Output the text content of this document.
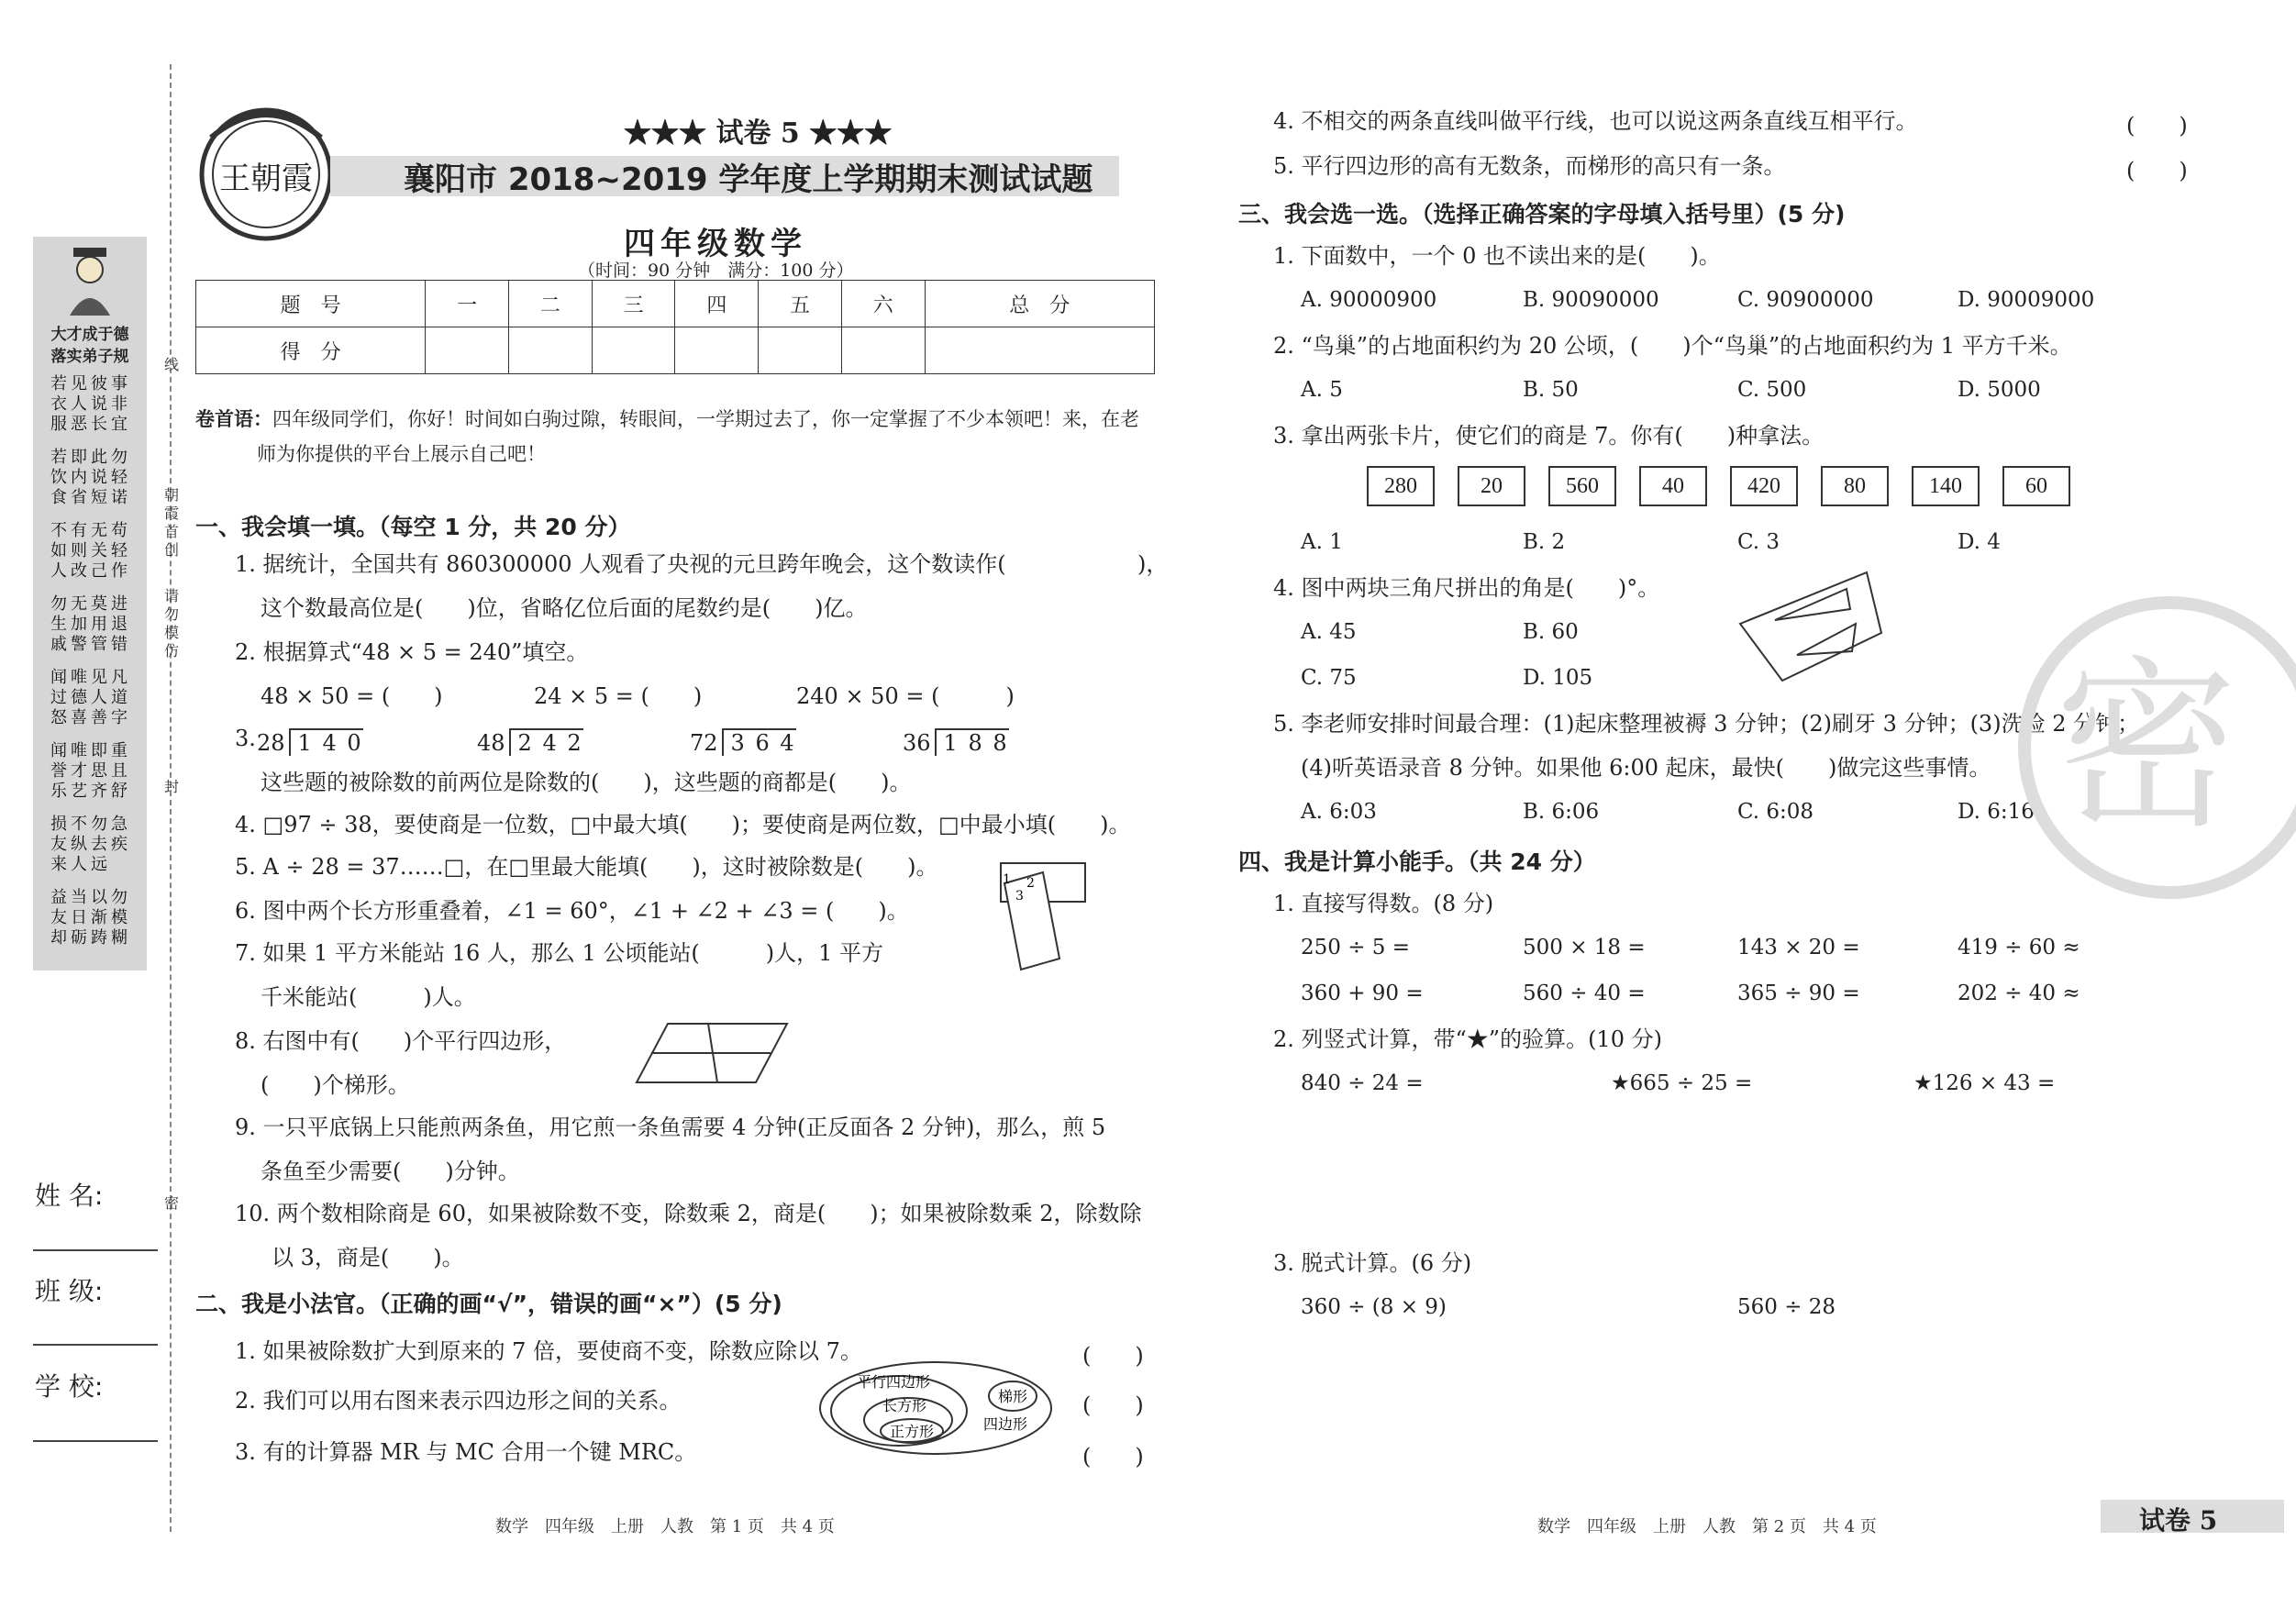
大才成于德
落实弟子规
若衣服
见人恶
彼说长
事非宜
若饮食
即内省
此说短
勿轻诺
不如人
有则改
无关己
苟轻作
勿生戚
无加警
莫用管
进退错
闻过怒
唯德喜
见人善
凡道字
闻誉乐
唯才艺
即思齐
重且舒
损友来
不纵人
勿去远
急疾
益友却
当日砺
以渐踌
勿模糊
线
封
密
朝霞首创
请勿模仿
姓 名:
班 级:
学 校:
王朝霞
★★★ 试卷 5 ★★★
襄阳市 2018~2019 学年度上学期期末测试试题
四年级数学
（时间：90 分钟　满分：100 分）
题　号	一	二	三	四	五	六	总　分
得　分							
卷首语：四年级同学们，你好！时间如白驹过隙，转眼间，一学期过去了，你一定掌握了不少本领吧！来，在老
师为你提供的平台上展示自己吧！
一、我会填一填。（每空 1 分，共 20 分）
1. 据统计，全国共有 860300000 人观看了央视的元旦跨年晚会，这个数读作(	)，
这个数最高位是(　　)位，省略亿位后面的尾数约是(　　)亿。
2. 根据算式“48 × 5 = 240”填空。
48 × 50 = (　　)	24 × 5 = (　　)	240 × 50 = (　　　)
3. 28 1 4 0	48 2 4 2	72 3 6 4	36 1 8 8
这些题的被除数的前两位是除数的(　　)，这些题的商都是(　　)。
4. □97 ÷ 38，要使商是一位数，□中最大填(　　)；要使商是两位数，□中最小填(　　)。
5. A ÷ 28 = 37……□，在□里最大能填(　　)，这时被除数是(　　)。
6. 图中两个长方形重叠着，∠1 = 60°，∠1 + ∠2 + ∠3 = (　　)。
1 2
3
7. 如果 1 平方米能站 16 人，那么 1 公顷能站(　　　)人，1 平方
千米能站(　　　)人。
8. 右图中有(　　)个平行四边形，
(　　)个梯形。
9. 一只平底锅上只能煎两条鱼，用它煎一条鱼需要 4 分钟(正反面各 2 分钟)，那么，煎 5
条鱼至少需要(　　)分钟。
10. 两个数相除商是 60，如果被除数不变，除数乘 2，商是(　　)；如果被除数乘 2，除数除
以 3，商是(　　)。
二、我是小法官。（正确的画“√”，错误的画“×”）(5 分)
1. 如果被除数扩大到原来的 7 倍，要使商不变，除数应除以 7。	(　　)
2. 我们可以用右图来表示四边形之间的关系。	(　　)
3. 有的计算器 MR 与 MC 合用一个键 MRC。	(　　)
平行四边形
长方形
正方形
梯形
四边形
数学　四年级　上册　人教　第 1 页　共 4 页
4. 不相交的两条直线叫做平行线，也可以说这两条直线互相平行。	(　　)
5. 平行四边形的高有无数条，而梯形的高只有一条。	(　　)
三、我会选一选。（选择正确答案的字母填入括号里）(5 分)
1. 下面数中，一个 0 也不读出来的是(　　)。
A. 90000900	B. 90090000	C. 90900000	D. 90009000
2. “鸟巢”的占地面积约为 20 公顷，(　　)个“鸟巢”的占地面积约为 1 平方千米。
A. 5	B. 50	C. 500	D. 5000
3. 拿出两张卡片，使它们的商是 7。你有(　　)种拿法。
280	20	560	40	420	80	140	60
A. 1	B. 2	C. 3	D. 4
4. 图中两块三角尺拼出的角是(　　)°。
A. 45	B. 60
C. 75	D. 105
5. 李老师安排时间最合理：(1)起床整理被褥 3 分钟；(2)刷牙 3 分钟；(3)洗脸 2 分钟；
(4)听英语录音 8 分钟。如果他 6:00 起床，最快(　　)做完这些事情。
A. 6:03	B. 6:06	C. 6:08	D. 6:16
四、我是计算小能手。（共 24 分）
1. 直接写得数。(8 分)
250 ÷ 5 =	500 × 18 =	143 × 20 =	419 ÷ 60 ≈
360 + 90 =	560 ÷ 40 =	365 ÷ 90 =	202 ÷ 40 ≈
2. 列竖式计算，带“★”的验算。(10 分)
840 ÷ 24 =	★665 ÷ 25 =	★126 × 43 =
3. 脱式计算。(6 分)
360 ÷ (8 × 9)	560 ÷ 28
数学　四年级　上册　人教　第 2 页　共 4 页	试卷 5
密
